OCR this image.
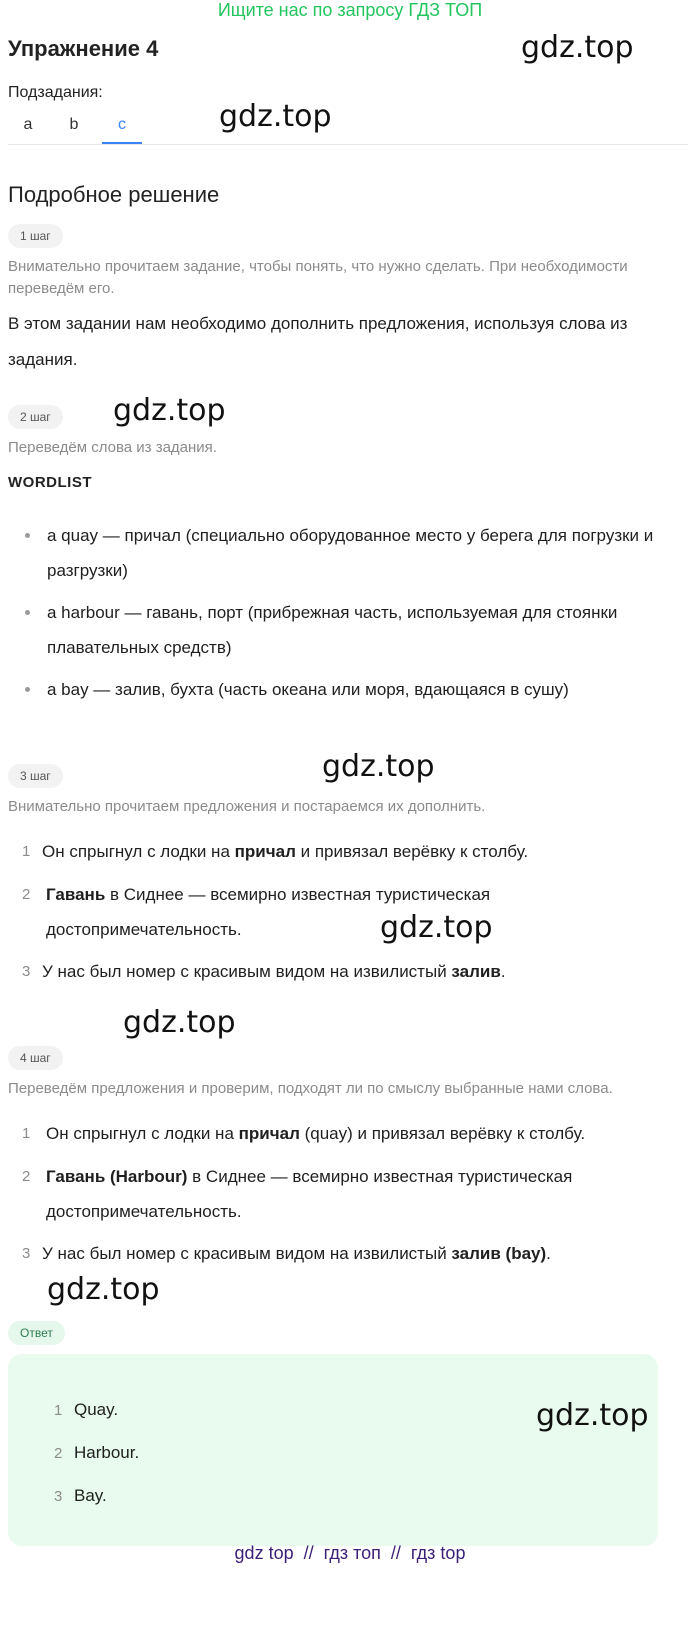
Ищите нас по запросу ГДЗ ТОП
Упражнение 4	gdz.top
Подзадания:
a	b	c	gdz.top
Подробное решение
1 шаг
Внимательно прочитаем задание, чтобы понять, что нужно сделать. При необходимости переведём его.
В этом задании нам необходимо дополнить предложения, используя слова из задания.
2 шаг	gdz.top
Переведём слова из задания.
WORDLIST
a quay — причал (специально оборудованное место у берега для погрузки и разгрузки)
a harbour — гавань, порт (прибрежная часть, используемая для стоянки плавательных средств)
a bay — залив, бухта (часть океана или моря, вдающаяся в сушу)
3 шаг	gdz.top
Внимательно прочитаем предложения и постараемся их дополнить.
1 Он спрыгнул с лодки на причал и привязал верёвку к столбу.
2 Гавань в Сиднее — всемирно известная туристическая достопримечательность.	gdz.top
3 У нас был номер с красивым видом на извилистый залив.
gdz.top
4 шаг
Переведём предложения и проверим, подходят ли по смыслу выбранные нами слова.
1 Он спрыгнул с лодки на причал (quay) и привязал верёвку к столбу.
2 Гавань (Harbour) в Сиднее — всемирно известная туристическая достопримечательность.
3 У нас был номер с красивым видом на извилистый залив (bay).
gdz.top
Ответ
1 Quay.
2 Harbour.
3 Bay.
gdz.top
gdz top  //  гдз топ  //  гдз top
